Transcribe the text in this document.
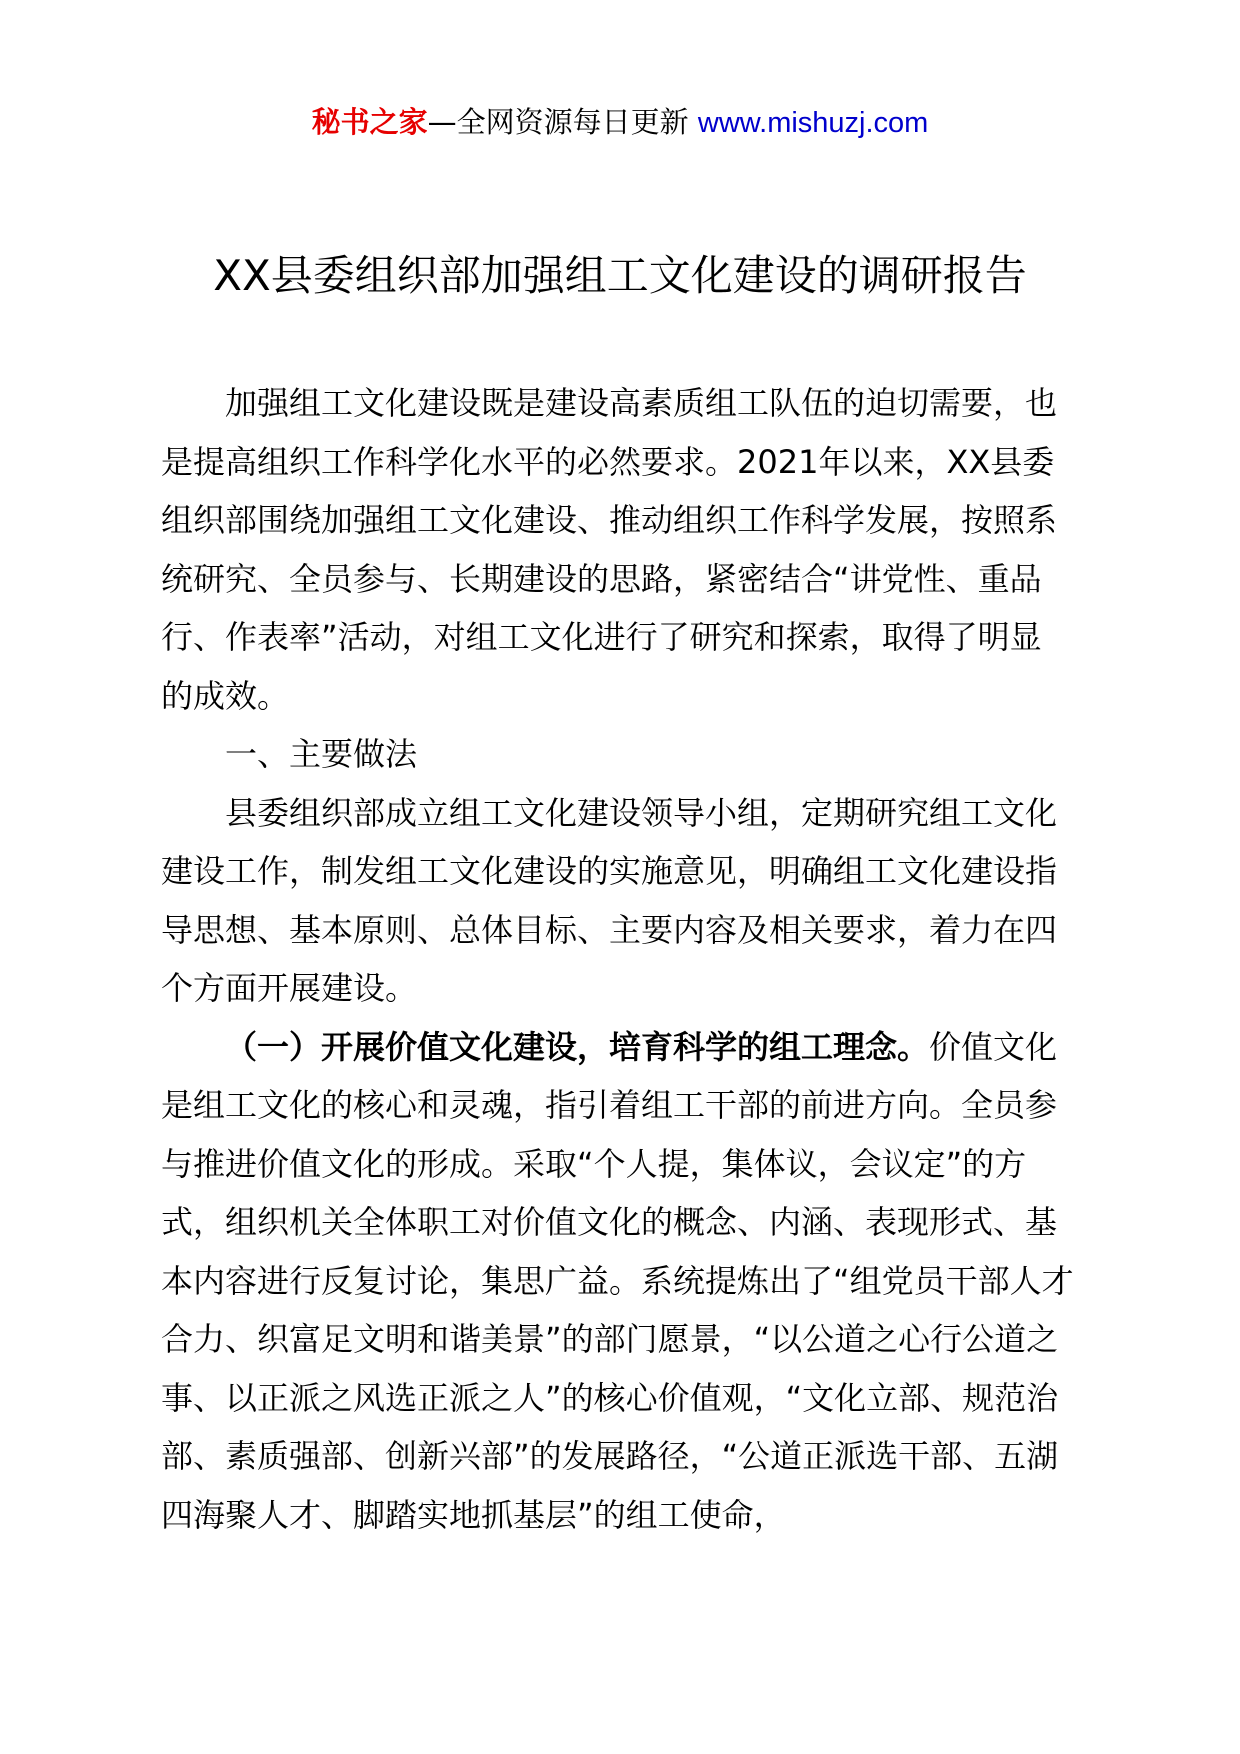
秘书之家—全网资源每日更新 www.mishuzj.com
XX县委组织部加强组工文化建设的调研报告

加强组工文化建设既是建设高素质组工队伍的迫切需要，也是提高组织工作科学化水平的必然要求。2021年以来，XX县委组织部围绕加强组工文化建设、推动组织工作科学发展，按照系统研究、全员参与、长期建设的思路，紧密结合“讲党性、重品行、作表率”活动，对组工文化进行了研究和探索，取得了明显的成效。

一、主要做法

县委组织部成立组工文化建设领导小组，定期研究组工文化建设工作，制发组工文化建设的实施意见，明确组工文化建设指导思想、基本原则、总体目标、主要内容及相关要求，着力在四个方面开展建设。

（一）开展价值文化建设，培育科学的组工理念。价值文化是组工文化的核心和灵魂，指引着组工干部的前进方向。全员参与推进价值文化的形成。采取“个人提，集体议，会议定”的方式，组织机关全体职工对价值文化的概念、内涵、表现形式、基本内容进行反复讨论，集思广益。系统提炼出了“组党员干部人才合力、织富足文明和谐美景”的部门愿景，“以公道之心行公道之事、以正派之风选正派之人”的核心价值观，“文化立部、规范治部、素质强部、创新兴部”的发展路径，“公道正派选干部、五湖四海聚人才、脚踏实地抓基层”的组工使命，
